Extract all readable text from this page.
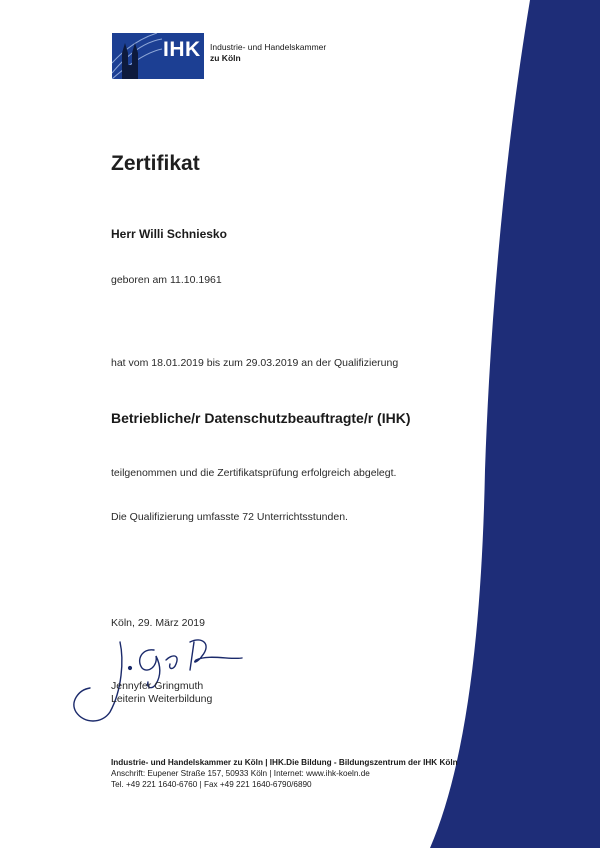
IHK Industrie- und Handelskammer
zu Köln
Zertifikat
Herr Willi Schniesko
geboren am 11.10.1961
hat vom 18.01.2019 bis zum 29.03.2019 an der Qualifizierung
Betriebliche/r Datenschutzbeauftragte/r (IHK)
teilgenommen und die Zertifikatsprüfung erfolgreich abgelegt.
Die Qualifizierung umfasste 72 Unterrichtsstunden.
Köln, 29. März 2019
Jennyfer Gringmuth
Leiterin Weiterbildung
Industrie- und Handelskammer zu Köln | IHK.Die Bildung - Bildungszentrum der IHK Köln
Anschrift: Eupener Straße 157, 50933 Köln | Internet: www.ihk-koeln.de
Tel. +49 221 1640-6760 | Fax +49 221 1640-6790/6890
